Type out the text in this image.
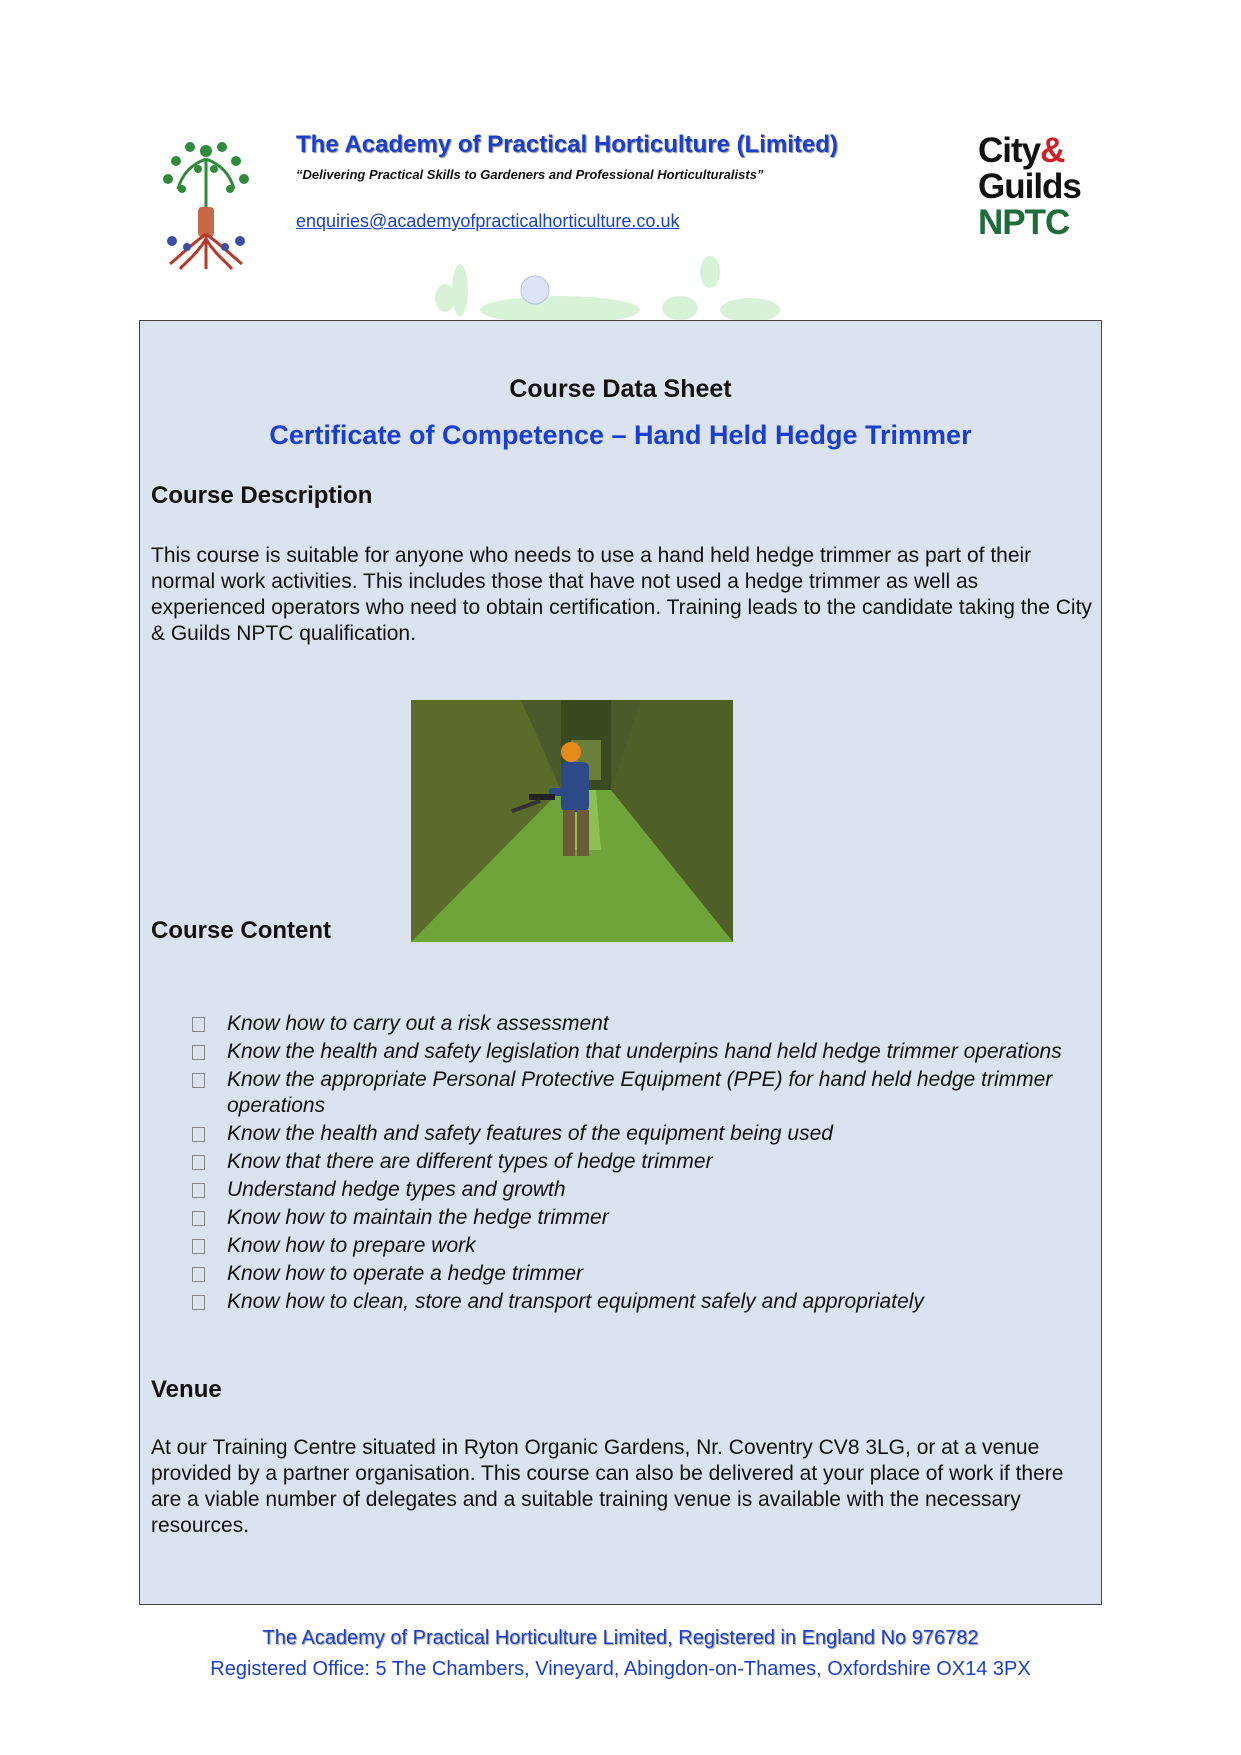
The Academy of Practical Horticulture (Limited)
“Delivering Practical Skills to Gardeners and Professional Horticulturalists”
enquiries@academyofpracticalhorticulture.co.uk
City&
Guilds
NPTC
Course Data Sheet
Certificate of Competence – Hand Held Hedge Trimmer
Course Description
This course is suitable for anyone who needs to use a hand held hedge trimmer as part of their normal work activities. This includes those that have not used a hedge trimmer as well as experienced operators who need to obtain certification. Training leads to the candidate taking the City & Guilds NPTC qualification.
Course Content
Know how to carry out a risk assessment
Know the health and safety legislation that underpins hand held hedge trimmer operations
Know the appropriate Personal Protective Equipment (PPE) for hand held hedge trimmer operations
Know the health and safety features of the equipment being used
Know that there are different types of hedge trimmer
Understand hedge types and growth
Know how to maintain the hedge trimmer
Know how to prepare work
Know how to operate a hedge trimmer
Know how to clean, store and transport equipment safely and appropriately
Venue
At our Training Centre situated in Ryton Organic Gardens, Nr. Coventry CV8 3LG, or at a venue provided by a partner organisation. This course can also be delivered at your place of work if there are a viable number of delegates and a suitable training venue is available with the necessary resources.
The Academy of Practical Horticulture Limited, Registered in England No 976782
Registered Office: 5 The Chambers, Vineyard, Abingdon-on-Thames, Oxfordshire OX14 3PX
